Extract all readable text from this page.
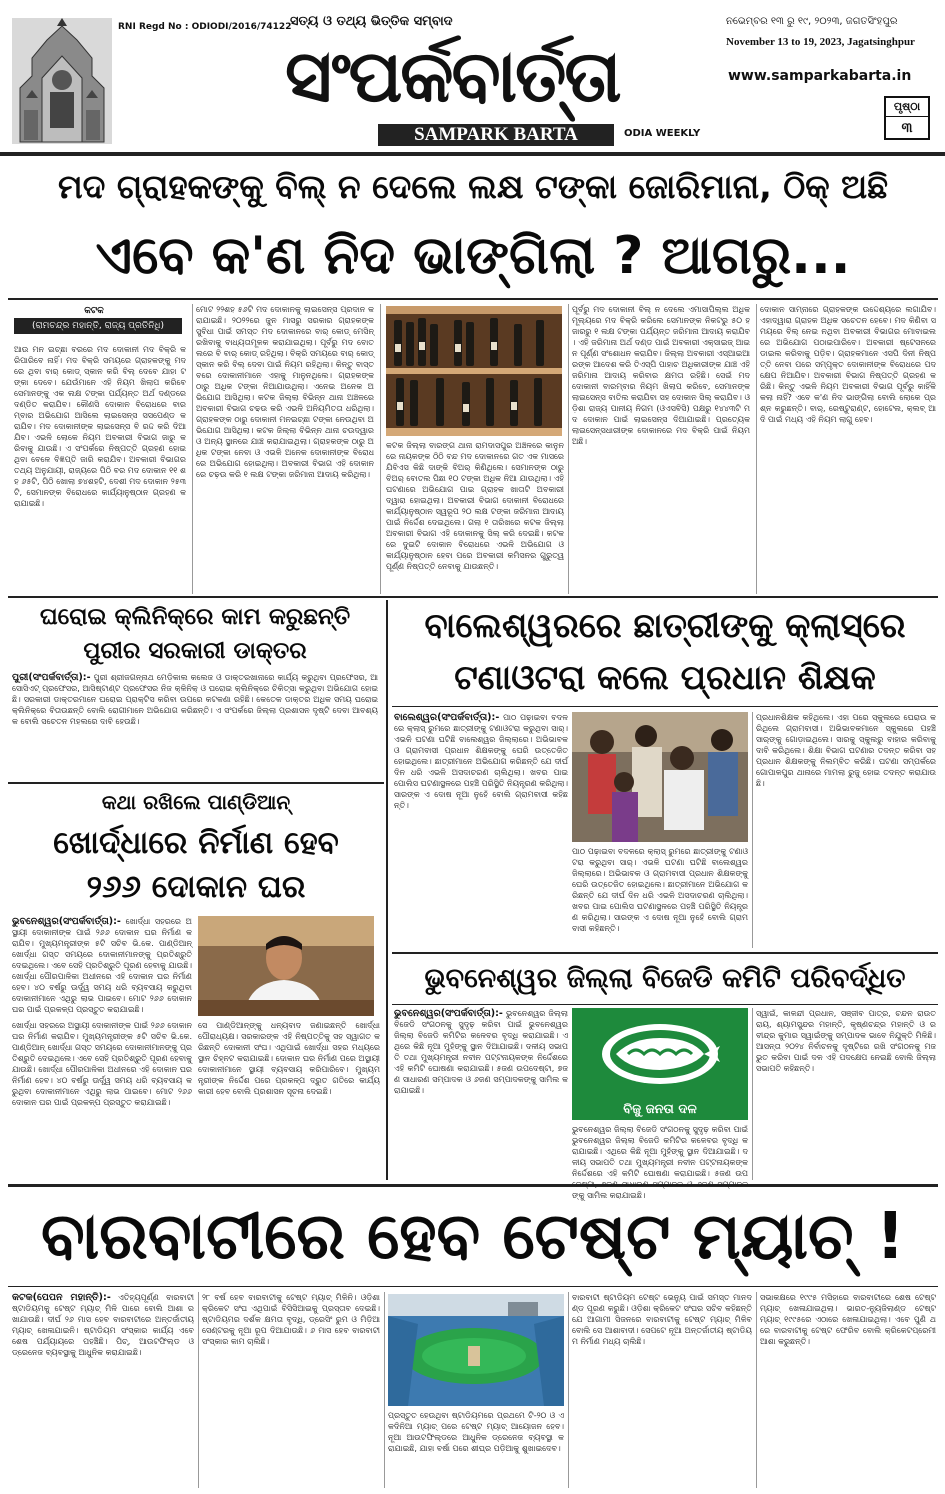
RNI Regd No : ODIODI/2016/74122
ସତ୍ୟ ଓ ତଥ୍ୟ ଭିତ୍ତିକ ସମ୍ବାଦ
ସଂପର୍କବାର୍ତ୍ତା
SAMPARK BARTA	ODIA WEEKLY
ନଭେମ୍ବର ୧୩ ରୁ ୧୯, ୨୦୨୩, ଜଗତସିଂହପୁର
November 13 to 19, 2023, Jagatsinghpur
www.samparkabarta.in
ପୃଷ୍ଠା
୩
ମଦ ଗ୍ରାହକଙ୍କୁ ବିଲ୍ ନ ଦେଲେ ଲକ୍ଷ ଟଙ୍କା ଜୋରିମାନା, ଠିକ୍ ଅଛି
ଏବେ କ'ଣ ନିଦ ଭାଙ୍ଗିଲା ? ଆଗରୁ...
କଟକ
(ରାମଚନ୍ଦ୍ର ମହାନ୍ତି, ରାଜ୍ୟ ପ୍ରତିନିଧି)
ଆଉ ମନ ଇଚ୍ଛା ବରରେ ମଦ ଦୋକାନୀ ମଦ ବିକ୍ରି କରିପାରିବେ ନାହିଁ। ମଦ ବିକ୍ରି ସମୟରେ ଗ୍ରାହକଙ୍କୁ ମଦରେ ଥିବା ବାର୍ କୋଡ୍ ସ୍କାନ କରି ବିଲ୍ ଦେବେ ଯାହା ଟଙ୍କା ଦେବେ। ଯେଉଁମାନେ ଏହି ନିୟମ ଖିଲାପ କରିବେ ସେମାନଙ୍କୁ ଏକ ଲକ୍ଷ ଟଙ୍କା ପର୍ଯ୍ୟନ୍ତ ଅର୍ଥ ଦଣ୍ଡରେ ଦଣ୍ଡିତ କରାଯିବ। କୌଣସି ଦୋକାନ ବିରୋଧରେ ବାରମ୍ବାର ଅଭିଯୋଗ ଆସିଲେ ଲାଇସେନ୍ସ ସସପେଣ୍ଡ କରାଯିବ। ମଦ ଦୋକାନୀଙ୍କ ଲାଇସେନ୍ସ ବି ରଦ୍ଦ କରି ଦିଆଯିବ। ଏଭଳି ଲୋକେ ନିୟମ ଅବକାରୀ ବିଭାଗ ଜାରୁ କରିବାକୁ ଯାଉଛି। ଏ ସଂପର୍କରେ ନିଷ୍ପତ୍ତି ଗ୍ରହଣ ହୋଇଥିବା ବେଳେ ବିଜ୍ଞପ୍ତି ଜାରି କରାଯିବ। ଅବକାରୀ ବିଭାଗର ତଥ୍ୟ ଅନୁଯାୟୀ, ରାଜ୍ୟରେ ପିଠି ବର ମଦ ଦୋକାନ ୧୧ ଶହ ୬୫ଟି, ପିଠି ଖୋଲା ୭୪ଶହଟି, ଦେଶୀ ମଦ ଦୋକାନ ୨୫୩ଟି, ସେମାନଙ୍କ ବିରୋଧରେ କାର୍ଯ୍ୟାନୁଷ୍ଠାନ ଗ୍ରହଣ କରାଯାଇଛି।
ମୋଟ ୨୨ଶହ ୫୬ଟି ମଦ ଦୋକାନକୁ ଲାଇସେନ୍ସ ପ୍ରଦାନ କରାଯାଇଛି। ୨୦୨୨ରେ ଜୁନ ମାସରୁ ସରକାର ଗ୍ରାହକଙ୍କ ସୁବିଧା ପାଇଁ ସମସ୍ତ ମଦ ଦୋକାନରେ ବାର୍ କୋଡ୍ ମେସିନ୍ ରଖିବାକୁ ବାଧ୍ୟତାମୂଳକ କରାଯାଇଥିଲା। ପୂର୍ବରୁ ମଦ ବୋତଲରେ ବି ବାର୍ କୋଡ୍ ରହିଥିଲା। ବିକ୍ରି ସମୟରେ ବାର୍ କୋଡ୍ ସ୍କାନ କରି ବିଲ୍ ଦେବା ପାଇଁ ନିୟମ ରହିଥିଲା। କିନ୍ତୁ ବାସ୍ତବରେ ଦୋକାନୀମାନେ ଏହାକୁ ମାନୁନଥିଲେ। ଗ୍ରାହକଙ୍କ ଠାରୁ ଅଧିକ ଟଙ୍କା ନିଆଯାଉଥିଲା। ଏନେଇ ଅନେକ ଅଭିଯୋଗ ଆସିଥିଲା। କଟକ ଜିଲ୍ଲା ବିଭିନ୍ନ ଥାନା ଅଞ୍ଚଳରେ ଅବକାରୀ ବିଭାଗ ଚଢଉ କରି ଏଭଳି ଅନିୟମିତତା ଧରିଥିଲା। ଗ୍ରାହକଙ୍କ ଠାରୁ ଦୋକାନୀ ମନଇଚ୍ଛା ଟଙ୍କା ନେଉଥିବା ଅଭିଯୋଗ ଆସିଥିଲା। କଟକ ଜିଲ୍ଲା ବିଭିନ୍ନ ଥାନା ଚଉଦ୍ୱାର ଓ ଅନ୍ୟ ସ୍ଥାନରେ ଯାଞ୍ଚ କରାଯାଇଥିଲା। ଗ୍ରାହକଙ୍କ ଠାରୁ ଅଧିକ ଟଙ୍କା ନେବା ଓ ଏଭଳି ଅନେକ ଦୋକାନୀଙ୍କ ବିରୋଧରେ ଅଭିଯୋଗ ହୋଇଥିଲା। ଅବକାରୀ ବିଭାଗ ଏହି ଦୋକାନରେ ଚଢ଼ଉ କରି ୧ ଲକ୍ଷ ଟଙ୍କା ଜରିମାନା ଆଦାୟ କରିଥିଲା।
କଟକ ଜିଲ୍ଲା ବାରଙ୍ଗ ଥାନା ରାମଦାସପୁର ଅଞ୍ଚଳରେ କାନୁନରେ ନାୟକଙ୍କ ଠିଠି ବନ୍ଦ ମଦ ଦୋକାନରେ ଗତ ଏକ ମାସରେ ଯିବିଏସ କିଛି ଦାଙ୍କି ବିଅର୍ କିଣିଥିଲେ। ସେମାନଙ୍କ ଠାରୁ ବିଅର୍ ବୋତଲ ପିଛା ୧୦ ଟଙ୍କା ଅଧିକ ନିଆ ଯାଉଥିଲା। ଏହି ଘଟଣାରେ ଅଭିଯୋଗ ପାଇ ଗ୍ରାହକ ଖାତାଟି ଅବକାରୀ ଦ୍ୱାରା ହୋଇଥିଲା। ଅବକାରୀ ବିଭାଗ ଦୋକାନୀ ବିରୋଧରେ କାର୍ଯ୍ୟାନୁଷ୍ଠାନ ସ୍ୱରୂପ ୨୦ ଲକ୍ଷ ଟଙ୍କା ଜରିମାନା ଆଦାୟ ପାଇଁ ନିର୍ଦ୍ଦେଶ ଦେଇଥିଲେ। ଗଲା ୧ ତାରିଖରେ କଟକ ଜିଲ୍ଲା ଅବକାରୀ ବିଭାଗ ଏହି ଦୋକାନକୁ ସିଲ୍ କରି ଦେଇଛି। କଟକରେ ଦୁଇଟି ଦୋକାନ ବିରୋଧରେ ଏଭଳି ଅଭିଯୋଗ ଓ କାର୍ଯ୍ୟାନୁଷ୍ଠାନ ହେବା ପରେ ଅବକାରୀ କମିସନର ଗୁରୁତ୍ୱପୂର୍ଣ୍ଣ ନିଷ୍ପତ୍ତି ନେବାକୁ ଯାଉଛନ୍ତି।
ପୂର୍ବରୁ ମଦ ଦୋକାନୀ ବିଲ୍ ନ ଦେଲେ ଏମାସାପିଲ୍ଲ ଅଧିକ ମୂଲ୍ୟରେ ମଦ ବିକ୍ରି କରିଲେ ସେମାନଙ୍କ ନିକଟରୁ ୫୦ ହଜାରରୁ ୧ ଲକ୍ଷ ଟଙ୍କା ପର୍ଯ୍ୟନ୍ତ ଜରିମାନା ଆଦାୟ କରାଯିବ। ଏହି ଜରିମାନା ଅର୍ଥ ଦଣ୍ଡ ପାଇଁ ଅବକାରୀ ଏକ୍ସାଇଜ୍ ଆଇନ ପୂର୍ଣ୍ଣ ସଂଶୋଧନ କରାଯିବ। ଜିଲ୍ଲା ଅବକାରୀ ଏସ୍‌ଆଇଆରଙ୍କ ଆଦେଶ କରି ତିଏସ୍‌ପି ପାହାଚ ଅଧିକାରୀଙ୍କ ଯାଞ୍ଚ ଏହି ଜରିମାନା ଆଦାୟ କରିବାର କ୍ଷମତା ରହିଛି। ସେଇଁ ମଦ ଦୋକାନୀ ବାରମ୍ବାର ନିୟମ ଖିଲାପ କରିବେ, ସେମାନଙ୍କ ଲାଇସେନ୍ସ ବାତିଲ କରାଯିବା ସହ ଦୋକାନ ସିଲ୍ କରାଯିବ। ଓଡ଼ିଶା ରାଜ୍ୟ ପାନୀୟ ନିଗମ (ଓଏସବିସି) ପକ୍ଷରୁ ୧୪୪୩ଟି ମଦ ଦୋକାନ ପାଇଁ ଲାଇସେନ୍ସ ଦିଆଯାଇଛି। ପ୍ରତ୍ୟେକ ଲାଇସେନ୍ସଧାରୀଙ୍କ ଦୋକାନରେ ମଦ ବିକ୍ରି ପାଇଁ ନିୟମ ଅଛି।
ଦୋକାନ ସାମ୍ନାରେ ଗ୍ରାହକଙ୍କ ଉଦ୍ଦେଶ୍ୟରେ ଲଗାଯିବ। ଏହାଦ୍ୱାରା ଗ୍ରାହକ ଅଧିକ ସଚେତନ ହେବେ। ମଦ କିଣିବା ସମୟରେ ବିଲ୍ ନେଇ ନଥିବା ଅବକାରୀ ବିଭାଗର ମୋବାଇଲରେ ଅଭିଯୋଗ ପଠାଇପାରିବେ। ଅବକାରୀ ଷ୍ଟେସନରେ ଡାଇଲ କରିବାକୁ ପଡ଼ିବ। ଗ୍ରାହକମାନେ ଏସପି ଦିନୀ ନିଷ୍ପତ୍ତି ନେବା ପରେ ସମ୍ପୃକ୍ତ ଦୋକାନୀଙ୍କ ବିରୋଧରେ ପଦକ୍ଷେପ ନିଆଯିବ। ଅବକାରୀ ବିଭାଗ ନିଷ୍ପତ୍ତି ଗ୍ରହଣ କରିଛି। କିନ୍ତୁ ଏଭଳି ନିୟମ ଅବକାରୀ ବିଭାଗ ପୂର୍ବରୁ କାହିଁକି କଲା ନାହିଁ? ଏବେ କ'ଣ ନିଦ ଭାଙ୍ଗିଲା ବୋଲି ଲୋକେ ପ୍ରଶ୍ନ କରୁଛନ୍ତି। ବାର୍, ରେଷ୍ଟୁରାଣ୍ଟ, ହୋଟେଲ, କ୍ଲବ୍ ଆଦି ପାଇଁ ମଧ୍ୟ ଏହି ନିୟମ ଲାଗୁ ହେବ।
ଘରୋଇ କ୍ଲିନିକ୍‌ରେ କାମ କରୁଛନ୍ତି
ପୁରୀର ସରକାରୀ ଡାକ୍ତର
ପୁରୀ(ସଂପର୍କବାର୍ତ୍ତା):- ପୁରୀ ଶ୍ରୀଜଗନ୍ନାଥ ମେଡ଼ିକାଲ କଲେଜ ଓ ଡାକ୍ତରଖାନାରେ କାର୍ଯ୍ୟ କରୁଥିବା ପ୍ରଫେସର, ଆସୋସିଏଟ୍ ପ୍ରଫେସର, ଆସିଷ୍ଟାଣ୍ଟ ପ୍ରଫେସର ନିଜ କ୍ଳିନିକ୍ ଓ ଘରୋଇ କ୍ଲିନିକ୍‌ରେ ଚିକିତ୍ସା କରୁଥିବା ଅଭିଯୋଗ ହୋଇଛି। ସରକାରୀ ଡାକ୍ତରମାନେ ଘରୋଇ ପ୍ରାକ୍ଟିସ କରିବା ଉପରେ କଟକଣା ରହିଛି। କେତେକ ଡାକ୍ତର ଅଧିକ ସମୟ ଘରୋଇ କ୍ଲିନିକ୍‌ରେ ବିତାଉଛନ୍ତି ବୋଲି ରୋଗୀମାନେ ଅଭିଯୋଗ କରିଛନ୍ତି। ଏ ସଂପର୍କରେ ଜିଲ୍ଲା ପ୍ରଶାସନ ଦୃଷ୍ଟି ଦେବା ଆବଶ୍ୟକ ବୋଲି ସଚେତନ ମହଲରେ ଦାବି ହେଉଛି।
ବାଲେଶ୍ୱରରେ ଛାତ୍ରୀଙ୍କୁ କ୍ଲାସ୍‌ରେ
ଟଣାଓଟରା କଲେ ପ୍ରଧାନ ଶିକ୍ଷକ
ବାଲେଶ୍ୱର(ସଂପର୍କବାର୍ତ୍ତା):- ପାଠ ପଢ଼ାଇବା ବଦଳରେ କ୍ଲାସ୍ ରୁମରେ ଛାତ୍ରୀଙ୍କୁ ଟଣାଓଟରା କରୁଥିବା ସାର୍। ଏଭଳି ଘଟଣା ଘଟିଛି ବାଲେଶ୍ୱର ଜିଲ୍ଲାରେ। ଅଭିଭାବକ ଓ ଗ୍ରାମବାସୀ ପ୍ରଧାନ ଶିକ୍ଷକଙ୍କୁ ଘେରି ଉତ୍ତେଜିତ ହୋଇଥିଲେ। ଛାତ୍ରୀମାନେ ଅଭିଯୋଗ କରିଛନ୍ତି ଯେ ଦୀର୍ଘ ଦିନ ଧରି ଏଭଳି ଅସଦାଚରଣ ଚାଲିଥିଲା। ଖବର ପାଇ ପୋଲିସ ଘଟଣାସ୍ଥଳରେ ପହଞ୍ଚି ପରିସ୍ଥିତି ନିୟନ୍ତ୍ରଣ କରିଥିଲା। ସାରଙ୍କ ଏ ଦୋଷ ନୂଆ ନୁହେଁ ବୋଲି ଗ୍ରାମବାସୀ କହିଛନ୍ତି।
ପାଠ ପଢ଼ାଇବା ବଦଳରେ କ୍ଲାସ୍ ରୁମରେ ଛାତ୍ରୀଙ୍କୁ ଟଣାଓଟରା କରୁଥିବା ସାର୍। ଏଭଳି ଘଟଣା ଘଟିଛି ବାଲେଶ୍ୱର ଜିଲ୍ଲାରେ। ଅଭିଭାବକ ଓ ଗ୍ରାମବାସୀ ପ୍ରଧାନ ଶିକ୍ଷକଙ୍କୁ ଘେରି ଉତ୍ତେଜିତ ହୋଇଥିଲେ। ଛାତ୍ରୀମାନେ ଅଭିଯୋଗ କରିଛନ୍ତି ଯେ ଦୀର୍ଘ ଦିନ ଧରି ଏଭଳି ଅସଦାଚରଣ ଚାଲିଥିଲା। ଖବର ପାଇ ପୋଲିସ ଘଟଣାସ୍ଥଳରେ ପହଞ୍ଚି ପରିସ୍ଥିତି ନିୟନ୍ତ୍ରଣ କରିଥିଲା। ସାରଙ୍କ ଏ ଦୋଷ ନୂଆ ନୁହେଁ ବୋଲି ଗ୍ରାମବାସୀ କହିଛନ୍ତି।
ପ୍ରଧାନଶିକ୍ଷକ କହିଥିଲେ। ଏହା ପରେ ସ୍କୁଲରେ ଘେରାଉ କରିଥିଲେ ଗ୍ରାମବାସୀ। ଅଭିଭାବକମାନେ ସ୍କୁଲରେ ପହଞ୍ଚି ସାର୍‌ଙ୍କୁ ଗୋଡ଼ାଇଥିଲେ। ସାରକୁ ସ୍କୁଲରୁ ବାହାର କରିବାକୁ ଦାବି କରିଥିଲେ। ଶିକ୍ଷା ବିଭାଗ ଘଟଣାର ତଦନ୍ତ କରିବା ସହ ପ୍ରଧାନ ଶିକ୍ଷକଙ୍କୁ ନିଲମ୍ବିତ କରିଛି। ଘଟଣା ସମ୍ପର୍କରେ ଗୋପାଳପୁର ଥାନାରେ ମାମଲା ରୁଜୁ ହୋଇ ତଦନ୍ତ କରାଯାଉଛି।
କଥା ରଖିଲେ ପାଣ୍ଡିଆନ୍
ଖୋର୍ଦ୍ଧାରେ ନିର୍ମାଣ ହେବ
୨୬୬ ଦୋକାନ ଘର
ଭୁବନେଶ୍ୱର(ସଂପର୍କବାର୍ତ୍ତା):- ଖୋର୍ଦ୍ଧା ସହରରେ ଅସ୍ଥାୟୀ ଦୋକାନୀଙ୍କ ପାଇଁ ୨୬୬ ଦୋକାନ ଘର ନିର୍ମାଣ କରାଯିବ। ମୁଖ୍ୟମନ୍ତ୍ରୀଙ୍କ ୫ଟି ସଚିବ ଭି.କେ. ପାଣ୍ଡିଆନ୍ ଖୋର୍ଦ୍ଧା ଗସ୍ତ ସମୟରେ ଦୋକାନୀମାନଙ୍କୁ ପ୍ରତିଶ୍ରୁତି ଦେଇଥିଲେ। ଏବେ ସେହି ପ୍ରତିଶ୍ରୁତି ପୂରଣ ହେବାକୁ ଯାଉଛି। ଖୋର୍ଦ୍ଧା ପୌରପାଳିକା ଅଧୀନରେ ଏହି ଦୋକାନ ଘର ନିର୍ମାଣ ହେବ। ୪୦ ବର୍ଷରୁ ଊର୍ଦ୍ଧ୍ୱ ସମୟ ଧରି ବ୍ୟବସାୟ କରୁଥିବା ଦୋକାନୀମାନେ ଏଥିରୁ ଲାଭ ପାଇବେ। ମୋଟ ୨୬୬ ଦୋକାନ ଘର ପାଇଁ ପ୍ରକଳ୍ପ ପ୍ରସ୍ତୁତ କରାଯାଇଛି।
ଖୋର୍ଦ୍ଧା ସହରରେ ଅସ୍ଥାୟୀ ଦୋକାନୀଙ୍କ ପାଇଁ ୨୬୬ ଦୋକାନ ଘର ନିର୍ମାଣ କରାଯିବ। ମୁଖ୍ୟମନ୍ତ୍ରୀଙ୍କ ୫ଟି ସଚିବ ଭି.କେ. ପାଣ୍ଡିଆନ୍ ଖୋର୍ଦ୍ଧା ଗସ୍ତ ସମୟରେ ଦୋକାନୀମାନଙ୍କୁ ପ୍ରତିଶ୍ରୁତି ଦେଇଥିଲେ। ଏବେ ସେହି ପ୍ରତିଶ୍ରୁତି ପୂରଣ ହେବାକୁ ଯାଉଛି। ଖୋର୍ଦ୍ଧା ପୌରପାଳିକା ଅଧୀନରେ ଏହି ଦୋକାନ ଘର ନିର୍ମାଣ ହେବ। ୪୦ ବର୍ଷରୁ ଊର୍ଦ୍ଧ୍ୱ ସମୟ ଧରି ବ୍ୟବସାୟ କରୁଥିବା ଦୋକାନୀମାନେ ଏଥିରୁ ଲାଭ ପାଇବେ। ମୋଟ ୨୬୬ ଦୋକାନ ଘର ପାଇଁ ପ୍ରକଳ୍ପ ପ୍ରସ୍ତୁତ କରାଯାଇଛି।
ସେ ପାଣ୍ଡିଆନ୍‌ଙ୍କୁ ଧନ୍ୟବାଦ ଜଣାଇଛନ୍ତି ଖୋର୍ଦ୍ଧା ପୌରାଧ୍ୟକ୍ଷ। ସରକାରଙ୍କ ଏହି ନିଷ୍ପତ୍ତିକୁ ସହ ସ୍ୱାଗତ କରିଛନ୍ତି ଦୋକାନୀ ସଂଘ। ଏଥିପାଇଁ ଖୋର୍ଦ୍ଧା ସହର ମଧ୍ୟରେ ସ୍ଥାନ ଚିହ୍ନଟ କରାଯାଇଛି। ଦୋକାନ ଘର ନିର୍ମାଣ ପରେ ଅସ୍ଥାୟୀ ଦୋକାନୀମାନେ ସ୍ଥାୟୀ ବ୍ୟବସାୟ କରିପାରିବେ। ମୁଖ୍ୟମନ୍ତ୍ରୀଙ୍କ ନିର୍ଦ୍ଦେଶ ପରେ ପ୍ରକଳ୍ପ ଦ୍ରୁତ ଗତିରେ କାର୍ଯ୍ୟକାରୀ ହେବ ବୋଲି ପ୍ରଶାସନ ସୂଚନା ଦେଇଛି।
ଭୁବନେଶ୍ୱର ଜିଲ୍ଲା ବିଜେଡି କମିଟି ପରିବର୍ଦ୍ଧିତ
ଭୁବନେଶ୍ୱର(ସଂପର୍କବାର୍ତ୍ତା):- ଭୁବନେଶ୍ୱର ଜିଲ୍ଲା ବିଜେଡି ସଂଗଠନକୁ ସୁଦୃଢ଼ କରିବା ପାଇଁ ଭୁବନେଶ୍ୱର ଜିଲ୍ଲା ବିଜେଡି କମିଟିର କଳେବର ବୃଦ୍ଧି କରାଯାଇଛି। ଏଥିରେ କିଛି ନୂଆ ମୁହଁଙ୍କୁ ସ୍ଥାନ ଦିଆଯାଇଛି। ଦଳୀୟ ସଭାପତି ତଥା ମୁଖ୍ୟମନ୍ତ୍ରୀ ନବୀନ ପଟ୍ଟନାୟକଙ୍କ ନିର୍ଦ୍ଦେଶରେ ଏହି କମିଟି ଘୋଷଣା କରାଯାଇଛି। ୫ଜଣ ଉପଦେଷ୍ଟା, ୭ଜଣ ସାଧାରଣ ସମ୍ପାଦକ ଓ ୬ଜଣ ସମ୍ପାଦକଙ୍କୁ ସାମିଲ କରାଯାଇଛି।
ବିଜୁ ଜନତା ଦଳ
ଭୁବନେଶ୍ୱର ଜିଲ୍ଲା ବିଜେଡି ସଂଗଠନକୁ ସୁଦୃଢ଼ କରିବା ପାଇଁ ଭୁବନେଶ୍ୱର ଜିଲ୍ଲା ବିଜେଡି କମିଟିର କଳେବର ବୃଦ୍ଧି କରାଯାଇଛି। ଏଥିରେ କିଛି ନୂଆ ମୁହଁଙ୍କୁ ସ୍ଥାନ ଦିଆଯାଇଛି। ଦଳୀୟ ସଭାପତି ତଥା ମୁଖ୍ୟମନ୍ତ୍ରୀ ନବୀନ ପଟ୍ଟନାୟକଙ୍କ ନିର୍ଦ୍ଦେଶରେ ଏହି କମିଟି ଘୋଷଣା କରାଯାଇଛି। ୫ଜଣ ଉପ ଙ୍କୁ ସାମିଲ କରାଯାଇଛି।
ସ୍ୱାଇଁ, କାଳନ୍ଦୀ ପ୍ରଧାନ, ସଞ୍ଜୀବ ପାତ୍ର, ଚନ୍ଦନ ରାଉତରାୟ, ଶ୍ୟାମସୁନ୍ଦର ମହାନ୍ତି, କୃଷ୍ଣଚନ୍ଦ୍ର ମହାନ୍ତି ଓ ରବୀନ୍ଦ୍ର କୁମାର ସ୍ୱାଇଁଙ୍କୁ ସମ୍ପାଦକ ଭାବେ ନିଯୁକ୍ତି ମିଳିଛି। ଆସନ୍ତା ୨୦୨୪ ନିର୍ବାଚନକୁ ଦୃଷ୍ଟିରେ ରଖି ସଂଗଠନକୁ ମଜଭୁତ କରିବା ପାଇଁ ଦଳ ଏହି ପଦକ୍ଷେପ ନେଇଛି ବୋଲି ଜିଲ୍ଲା ସଭାପତି କହିଛନ୍ତି।
ବାରବାଟୀରେ ହେବ ଟେଷ୍ଟ ମ୍ୟାଚ୍ !
କଟକ(ପେପନ ମହାନ୍ତି):- ଏତିହ୍ୟପୂର୍ଣ୍ଣ ବାରବାଟୀ ଷ୍ଟାଡିୟମକୁ ଟେଷ୍ଟ ମ୍ୟାଚ୍ ମିଳି ପାରେ ବୋଲି ଆଶା ରଖାଯାଉଛି। ଦୀର୍ଘ ୨୬ ମାସ ହେବ ବାରବାଟୀରେ ଅନ୍ତର୍ଜାତୀୟ ମ୍ୟାଚ୍ ଖେଳାଯାଇନି। ଷ୍ଟାଡିୟମ ସଂସ୍କାର କାର୍ଯ୍ୟ ଏବେ ଶେଷ ପର୍ଯ୍ୟାୟରେ ପହଞ୍ଚିଛି। ପିଚ୍, ଆଉଟଫିଲ୍ଡ ଓ ଡ୍ରେନେଜ ବ୍ୟବସ୍ଥାକୁ ଆଧୁନିକ କରାଯାଇଛି।
୨୮ ବର୍ଷ ହେବ ବାରବାଟୀକୁ ଟେଷ୍ଟ ମ୍ୟାଚ୍ ମିଳିନି। ଓଡ଼ିଶା କ୍ରିକେଟ ସଂଘ ଏଥିପାଇଁ ବିସିସିଆଇକୁ ପ୍ରସ୍ତାବ ଦେଇଛି। ଷ୍ଟାଡିୟମର ଦର୍ଶକ କ୍ଷମତା ବୃଦ୍ଧି, ଡ୍ରେସିଂ ରୁମ ଓ ମିଡ଼ିଆ ସେଣ୍ଟରକୁ ନୂଆ ରୂପ ଦିଆଯାଉଛି। ୬ ମାସ ହେବ ବାରବାଟୀ ସଂସ୍କାର କାମ ଚାଲିଛି।
ପ୍ରସ୍ତୁତ ହେଉଥିବା ଷ୍ଟାଡିୟମରେ ପ୍ରଥମେ ଟି-୨୦ ଓ ଏକଦିନିଆ ମ୍ୟାଚ୍ ପରେ ଟେଷ୍ଟ ମ୍ୟାଚ୍ ଆୟୋଜନ ହେବ। ନୂଆ ଆଉଟଫିଲ୍ଡରେ ଆଧୁନିକ ଡ୍ରେନେଜ ବ୍ୟବସ୍ଥା କରାଯାଇଛି, ଯାହା ବର୍ଷା ପରେ ଶୀଘ୍ର ପଡ଼ିଆକୁ ଶୁଖାଇଦେବ।
ବାରବାଟୀ ଷ୍ଟାଡିୟମ ଟେଷ୍ଟ ଭେନ୍ୟୁ ପାଇଁ ସମସ୍ତ ମାନଦଣ୍ଡ ପୂରଣ କରୁଛି। ଓଡ଼ିଶା କ୍ରିକେଟ ସଂଘର ସଚିବ କହିଛନ୍ତି ଯେ ଆଗାମୀ ସିଜନରେ ବାରବାଟୀକୁ ଟେଷ୍ଟ ମ୍ୟାଚ୍ ମିଳିବ ବୋଲି ସେ ଆଶାବାଦୀ। ସେପଟେ ନୂଆ ଅନ୍ତର୍ଜାତୀୟ ଷ୍ଟାଡିୟମ ନିର୍ମାଣ ମଧ୍ୟ ଚାଲିଛି।
ସଭାକକ୍ଷରେ ୧୯୯୫ ମସିହାରେ ବାରବାଟୀରେ ଶେଷ ଟେଷ୍ଟ ମ୍ୟାଚ୍ ଖେଳାଯାଇଥିଲା। ଭାରତ-ନ୍ୟୁଜିଲାଣ୍ଡ ଟେଷ୍ଟ ମ୍ୟାଚ୍ ୧୯୯୫ରେ ଏଠାରେ ଖେଳାଯାଇଥିଲା। ଏବେ ପୁଣି ଥରେ ବାରବାଟୀକୁ ଟେଷ୍ଟ ଫେରିବ ବୋଲି କ୍ରିକେଟପ୍ରେମୀ ଆଶା କରୁଛନ୍ତି।
